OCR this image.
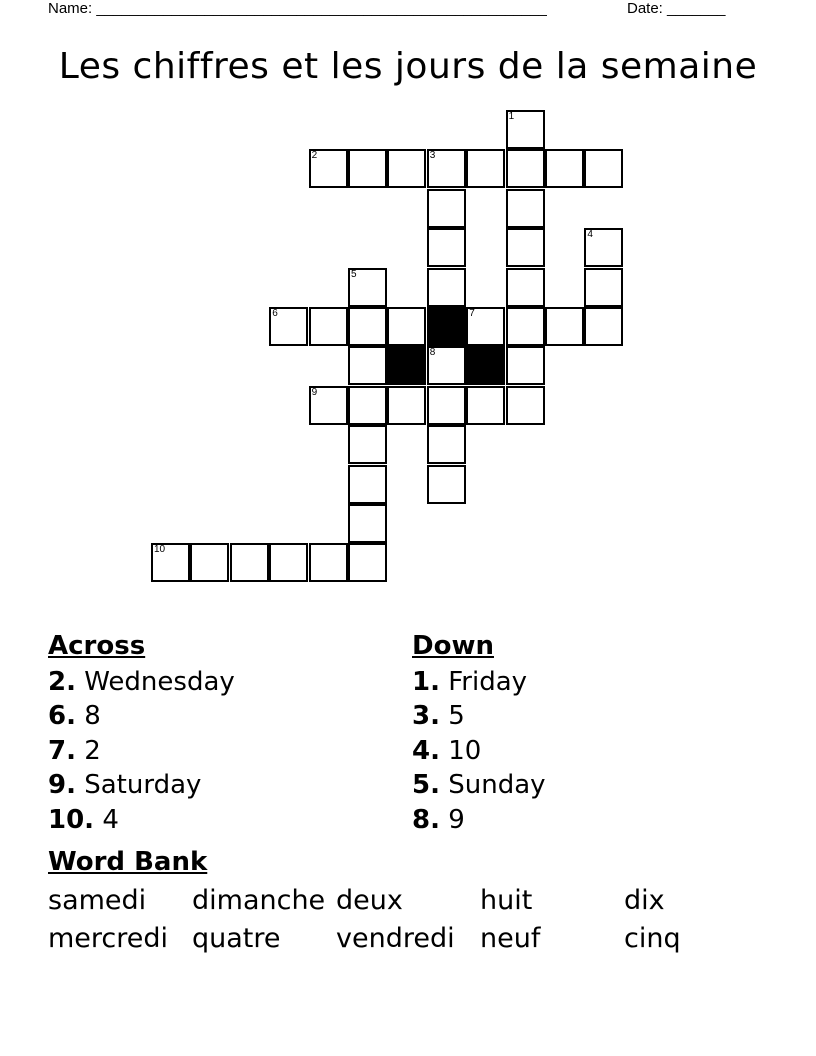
Name: ______________________________________________________	Date: _______
Les chiffres et les jours de la semaine
1
2	3
4
5
6	7
8
9
10
Across
2. Wednesday
6. 8
7. 2
9. Saturday
10. 4
Down
1. Friday
3. 5
4. 10
5. Sunday
8. 9
Word Bank
samedi dimanche deux	huit	dix
mercredi quatre vendredi neuf	cinq
